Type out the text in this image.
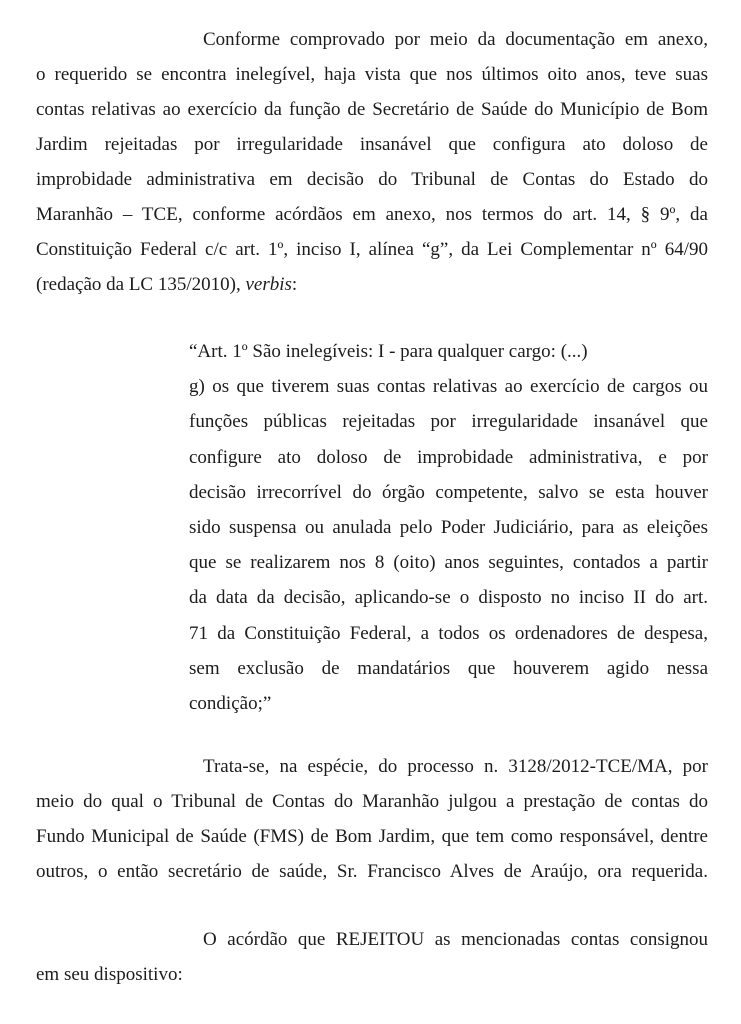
Conforme comprovado por meio da documentação em anexo,
o requerido se encontra inelegível, haja vista que nos últimos oito anos, teve suas
contas relativas ao exercício da função de Secretário de Saúde do Município de Bom
Jardim rejeitadas por irregularidade insanável que configura ato doloso de
improbidade administrativa em decisão do Tribunal de Contas do Estado do
Maranhão – TCE, conforme acórdãos em anexo, nos termos do art. 14, § 9º, da
Constituição Federal c/c art. 1º, inciso I, alínea “g”, da Lei Complementar nº 64/90
(redação da LC 135/2010), verbis:
“Art. 1º São inelegíveis: I - para qualquer cargo: (...)
g) os que tiverem suas contas relativas ao exercício de cargos ou
funções públicas rejeitadas por irregularidade insanável que
configure ato doloso de improbidade administrativa, e por
decisão irrecorrível do órgão competente, salvo se esta houver
sido suspensa ou anulada pelo Poder Judiciário, para as eleições
que se realizarem nos 8 (oito) anos seguintes, contados a partir
da data da decisão, aplicando-se o disposto no inciso II do art.
71 da Constituição Federal, a todos os ordenadores de despesa,
sem exclusão de mandatários que houverem agido nessa
condição;”
Trata-se, na espécie, do processo n. 3128/2012-TCE/MA, por
meio do qual o Tribunal de Contas do Maranhão julgou a prestação de contas do
Fundo Municipal de Saúde (FMS) de Bom Jardim, que tem como responsável, dentre
outros, o então secretário de saúde, Sr. Francisco Alves de Araújo, ora requerida.
O acórdão que REJEITOU as mencionadas contas consignou
em seu dispositivo:
